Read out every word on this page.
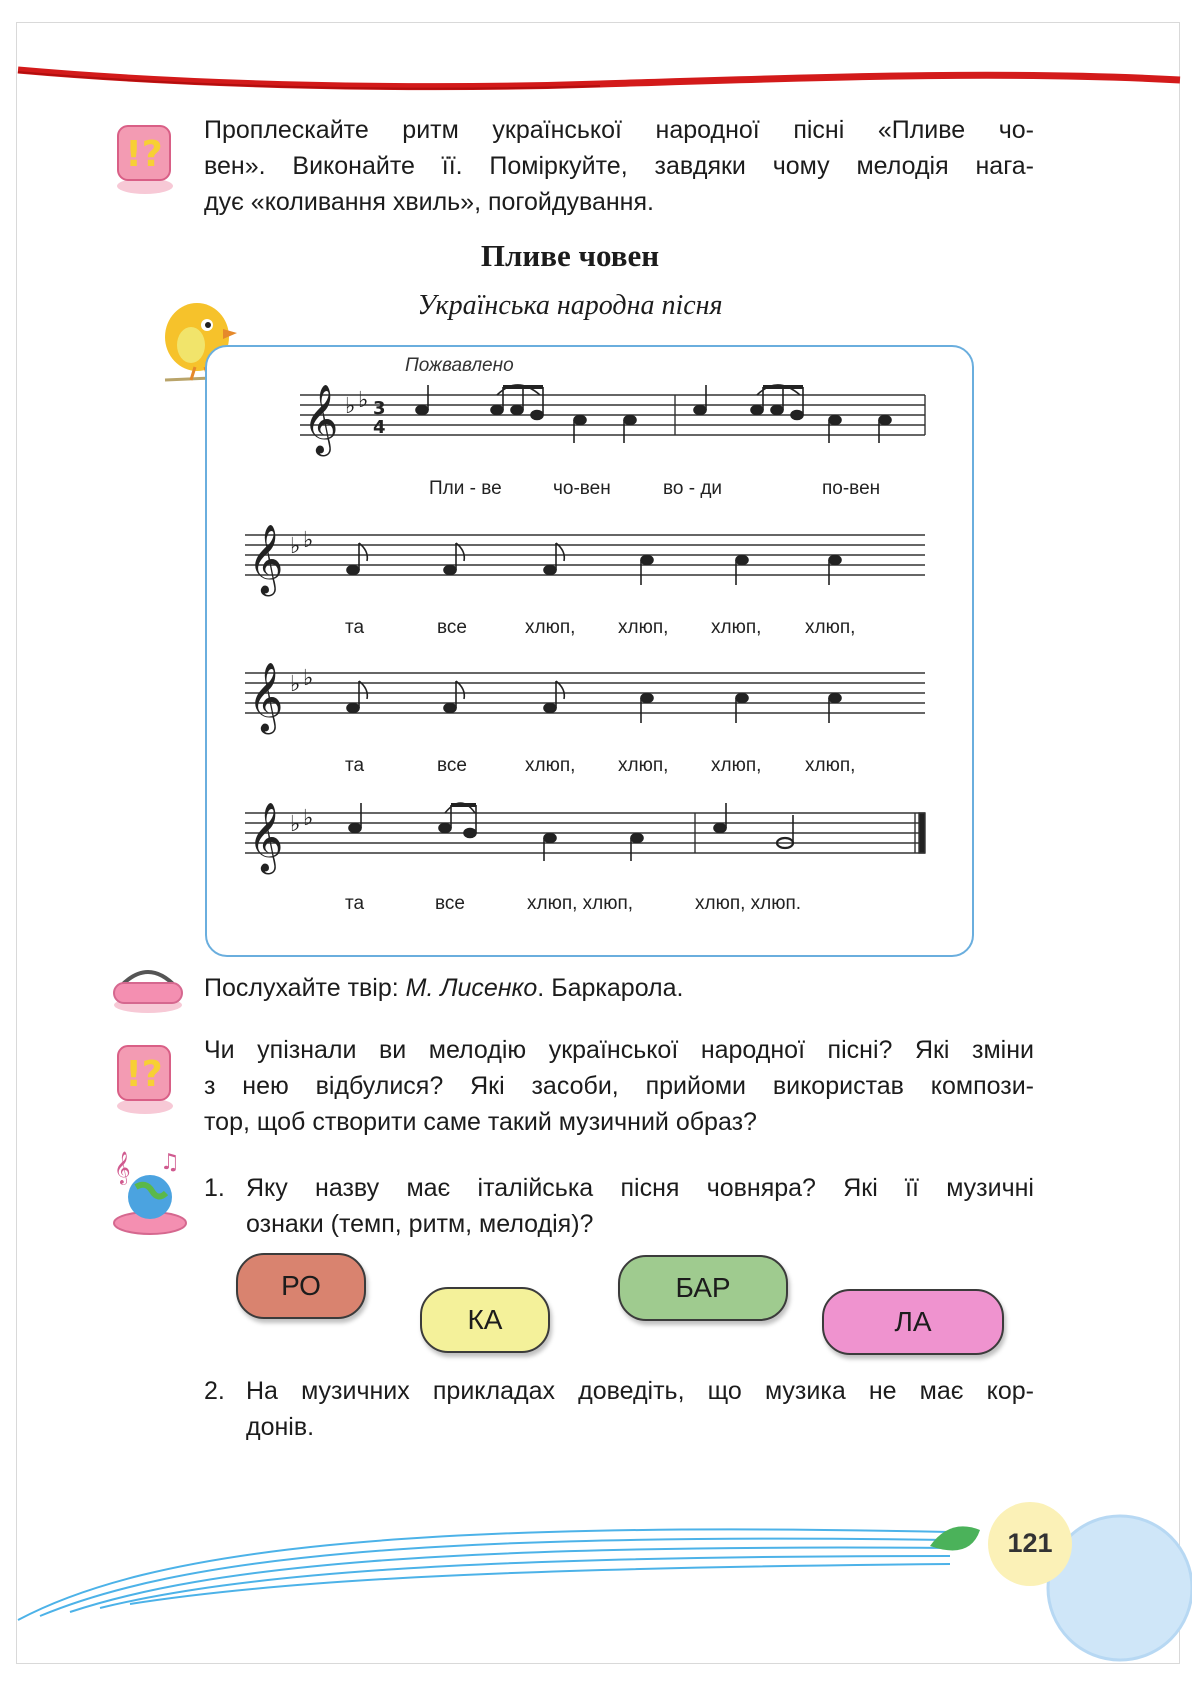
!?
Проплескайте ритм української народної пісні «Пливе чо-
вен». Виконайте її. Поміркуйте, завдяки чому мелодія нага-
дує «коливання хвиль», погойдування.
Пливе човен
Українська народна пісня
Пожвавлено
𝄞
𝄞
𝄞
𝄞
♭ ♭
♭ ♭
♭ ♭
♭ ♭
3
4
Пли - ве	чо-вен	во - ди	по-вен
та	все	хлюп, хлюп, хлюп, хлюп,
та	все	хлюп, хлюп, хлюп, хлюп,
та	все	хлюп, хлюп,	хлюп, хлюп.
Послухайте твір: М. Лисенко. Баркарола.
!?
Чи упізнали ви мелодію української народної пісні? Які зміни
з нею відбулися? Які засоби, прийоми використав компози-
тор, щоб створити саме такий музичний образ?
𝄞 ♫
1. Яку назву має італійська пісня човняра? Які її музичні
ознаки (темп, ритм, мелодія)?
РО
КА
БАР
ЛА
2. На музичних прикладах доведіть, що музика не має кор-
донів.
121
